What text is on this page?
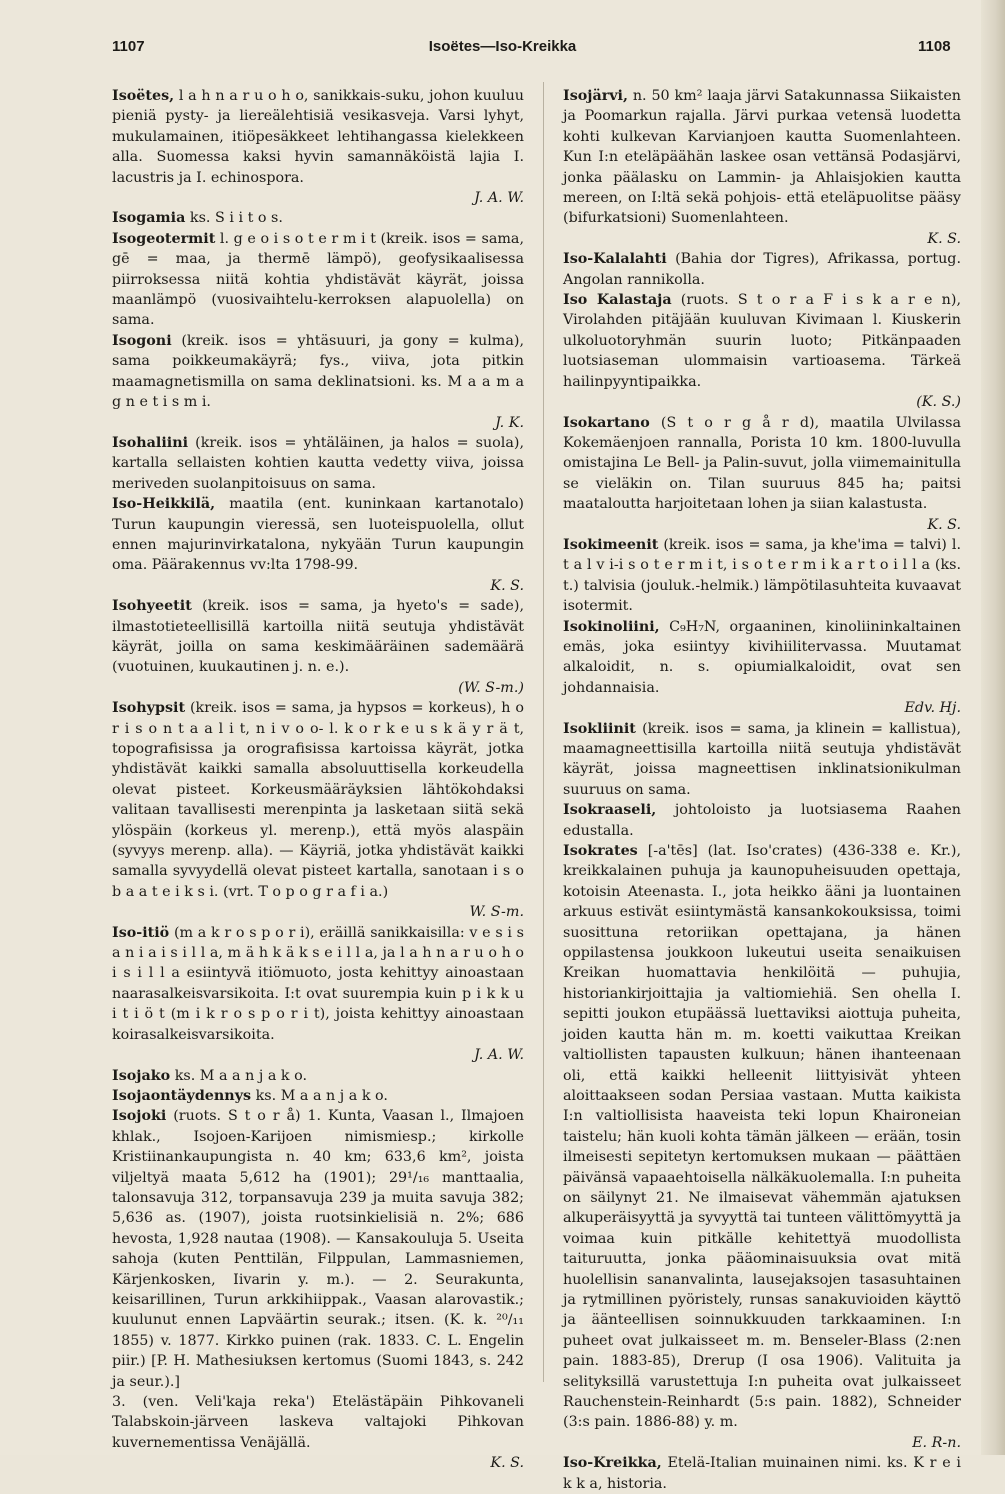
1107	Isoëtes—Iso-Kreikka	1108

Isoëtes, l a h n a r u o h o, sanikkais-suku, johon kuuluu pieniä pysty- ja liereälehtisiä vesikasveja. Varsi lyhyt, mukulamainen, itiöpesäkkeet lehtihangassa kielekkeen alla. Suomessa kaksi hyvin samannäköistä lajia I. lacustris ja I. echinospora.
J. A. W.

Isogamia ks. S i i t o s.

Isogeotermit l. g e o i s o t e r m i t (kreik. isos = sama, gē = maa, ja thermē lämpö), geofysikaalisessa piirroksessa niitä kohtia yhdistävät käyrät, joissa maanlämpö (vuosivaihtelu-kerroksen alapuolella) on sama.

Isogoni (kreik. isos = yhtäsuuri, ja gony = kulma), sama poikkeumakäyrä; fys., viiva, jota pitkin maamagnetismilla on sama deklinatsioni. ks. M a a m a g n e t i s m i.
J. K.

Isohaliini (kreik. isos = yhtäläinen, ja halos = suola), kartalla sellaisten kohtien kautta vedetty viiva, joissa meriveden suolanpitoisuus on sama.

Iso-Heikkilä, maatila (ent. kuninkaan kartanotalo) Turun kaupungin vieressä, sen luoteispuolella, ollut ennen majurinvirkatalona, nykyään Turun kaupungin oma. Päärakennus vv:lta 1798-99.
K. S.

Isohyeetit (kreik. isos = sama, ja hyeto's = sade), ilmastotieteellisillä kartoilla niitä seutuja yhdistävät käyrät, joilla on sama keskimääräinen sademäärä (vuotuinen, kuukautinen j. n. e.).
(W. S-m.)

Isohypsit (kreik. isos = sama, ja hypsos = korkeus), h o r i s o n t a a l i t, n i v o o- l. k o r k e u s k ä y r ä t, topografisissa ja orografisissa kartoissa käyrät, jotka yhdistävät kaikki samalla absoluuttisella korkeudella olevat pisteet. Korkeusmääräyksien lähtökohdaksi valitaan tavallisesti merenpinta ja lasketaan siitä sekä ylöspäin (korkeus yl. merenp.), että myös alaspäin (syvyys merenp. alla). — Käyriä, jotka yhdistävät kaikki samalla syvyydellä olevat pisteet kartalla, sanotaan i s o b a a t e i k s i. (vrt. T o p o g r a f i a.)
W. S-m.

Iso-itiö (m a k r o s p o r i), eräillä sanikkaisilla: v e s i s a n i a i s i l l a, m ä h k ä k s e i l l a, ja l a h n a r u o h o i s i l l a esiintyvä itiömuoto, josta kehittyy ainoastaan naarasalkeisvarsikoita. I:t ovat suurempia kuin p i k k u i t i ö t (m i k r o s p o r i t), joista kehittyy ainoastaan koirasalkeisvarsikoita.
J. A. W.

Isojako ks. M a a n j a k o.

Isojaontäydennys ks. M a a n j a k o.

Isojoki (ruots. S t o r å) 1. Kunta, Vaasan l., Ilmajoen khlak., Isojoen-Karijoen nimismiesp.; kirkolle Kristiinankaupungista n. 40 km; 633,6 km², joista viljeltyä maata 5,612 ha (1901); 29¹/₁₆ manttaalia, talonsavuja 312, torpansavuja 239 ja muita savuja 382; 5,636 as. (1907), joista ruotsinkielisiä n. 2%; 686 hevosta, 1,928 nautaa (1908). — Kansakouluja 5. Useita sahoja (kuten Penttilän, Filppulan, Lammasniemen, Kärjenkosken, Iivarin y. m.). — 2. Seurakunta, keisarillinen, Turun arkkihiippak., Vaasan alarovastik.; kuulunut ennen Lapväärtin seurak.; itsen. (K. k. ²⁰/₁₁ 1855) v. 1877. Kirkko puinen (rak. 1833. C. L. Engelin piir.) [P. H. Mathesiuksen kertomus (Suomi 1843, s. 242 ja seur.).]

3. (ven. Veli'kaja reka') Etelästäpäin Pihkovaneli Talabskoin-järveen laskeva valtajoki Pihkovan kuvernementissa Venäjällä.
K. S.

Isojärvi, n. 50 km² laaja järvi Satakunnassa Siikaisten ja Poomarkun rajalla. Järvi purkaa vetensä luodetta kohti kulkevan Karvianjoen kautta Suomenlahteen. Kun I:n eteläpäähän laskee osan vettänsä Podasjärvi, jonka päälasku on Lammin- ja Ahlaisjokien kautta mereen, on I:ltä sekä pohjois- että eteläpuolitse pääsy (bifurkatsioni) Suomenlahteen.
K. S.

Iso-Kalalahti (Bahia dor Tigres), Afrikassa, portug. Angolan rannikolla.

Iso Kalastaja (ruots. S t o r a F i s k a r e n), Virolahden pitäjään kuuluvan Kivimaan l. Kiuskerin ulkoluotoryhmän suurin luoto; Pitkänpaaden luotsiaseman ulommaisin vartioasema. Tärkeä hailinpyyntipaikka.
(K. S.)

Isokartano (S t o r g å r d), maatila Ulvilassa Kokemäenjoen rannalla, Porista 10 km. 1800-luvulla omistajina Le Bell- ja Palin-suvut, jolla viimemainitulla se vieläkin on. Tilan suuruus 845 ha; paitsi maataloutta harjoitetaan lohen ja siian kalastusta.
K. S.

Isokimeenit (kreik. isos = sama, ja khe'ima = talvi) l. t a l v i-i s o t e r m i t, i s o t e r m i k a r t o i l l a (ks. t.) talvisia (jouluk.-helmik.) lämpötilasuhteita kuvaavat isotermit.

Isokinoliini, C₉H₇N, orgaaninen, kinoliininkaltainen emäs, joka esiintyy kivihiilitervassa. Muutamat alkaloidit, n. s. opiumialkaloidit, ovat sen johdannaisia.
Edv. Hj.

Isokliinit (kreik. isos = sama, ja klinein = kallistua), maamagneettisilla kartoilla niitä seutuja yhdistävät käyrät, joissa magneettisen inklinatsionikulman suuruus on sama.

Isokraaseli, johtoloisto ja luotsiasema Raahen edustalla.

Isokrates [-a'tēs] (lat. Iso'crates) (436-338 e. Kr.), kreikkalainen puhuja ja kaunopuheisuuden opettaja, kotoisin Ateenasta. I., jota heikko ääni ja luontainen arkuus estivät esiintymästä kansankokouksissa, toimi suosittuna retoriikan opettajana, ja hänen oppilastensa joukkoon lukeutui useita senaikuisen Kreikan huomattavia henkilöitä — puhujia, historiankirjoittajia ja valtiomiehiä. Sen ohella I. sepitti joukon etupäässä luettaviksi aiottuja puheita, joiden kautta hän m. m. koetti vaikuttaa Kreikan valtiollisten tapausten kulkuun; hänen ihanteenaan oli, että kaikki helleenit liittyisivät yhteen aloittaakseen sodan Persiaa vastaan. Mutta kaikista I:n valtiollisista haaveista teki lopun Khaironeian taistelu; hän kuoli kohta tämän jälkeen — erään, tosin ilmeisesti sepitetyn kertomuksen mukaan — päättäen päivänsä vapaaehtoisella nälkäkuolemalla. I:n puheita on säilynyt 21. Ne ilmaisevat vähemmän ajatuksen alkuperäisyyttä ja syvyyttä tai tunteen välittömyyttä ja voimaa kuin pitkälle kehitettyä muodollista taituruutta, jonka pääominaisuuksia ovat mitä huolellisin sananvalinta, lausejaksojen tasasuhtainen ja rytmillinen pyöristely, runsas sanakuvioiden käyttö ja äänteellisen soinnukkuuden tarkkaaminen. I:n puheet ovat julkaisseet m. m. Benseler-Blass (2:nen pain. 1883-85), Drerup (I osa 1906). Valituita ja selityksillä varustettuja I:n puheita ovat julkaisseet Rauchenstein-Reinhardt (5:s pain. 1882), Schneider (3:s pain. 1886-88) y. m.
E. R-n.

Iso-Kreikka, Etelä-Italian muinainen nimi. ks. K r e i k k a, historia.
